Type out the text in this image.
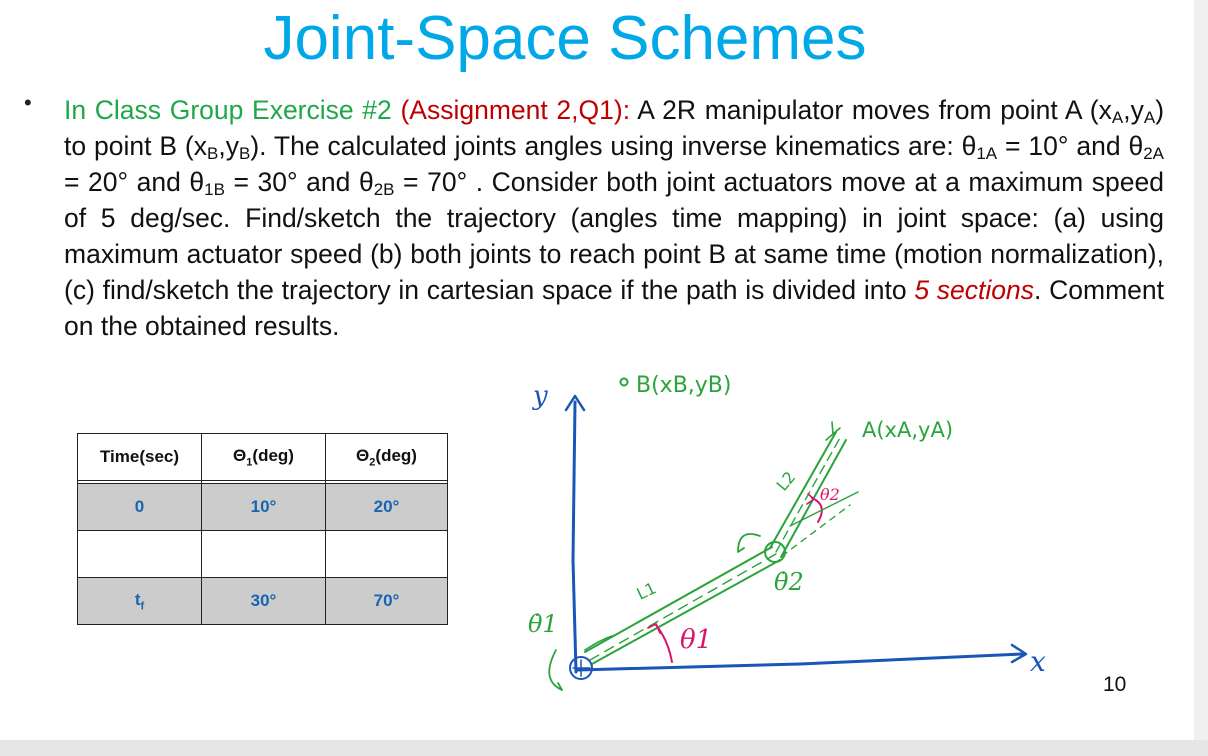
Joint-Space Schemes
• In Class Group Exercise #2 (Assignment 2,Q1): A 2R manipulator moves from point A $(x_A,y_A)$ to point B $(x_B,y_B)$. The calculated joints angles using inverse kinematics are: $\theta_{1A} = 10^\circ$ and $\theta_{2A} = 20^\circ$ and $\theta_{1B} = 30^\circ$ and $\theta_{2B} = 70^\circ$ . Consider both joint actuators move at a maximum speed of 5 deg/sec. Find/sketch the trajectory (angles time mapping) in joint space: (a) using maximum actuator speed (b) both joints to reach point B at same time (motion normalization), (c) find/sketch the trajectory in cartesian space if the path is divided into 5 sections. Comment on the obtained results.
Time(sec)	$\Theta_1(deg)$	$\Theta_2(deg)$

0	10°	20°

$t_f$	30°	70°
y
x
B(xB,yB)
A(xA,yA)
L1
L2
θ1
θ2
θ̇1
θ̇2
10
